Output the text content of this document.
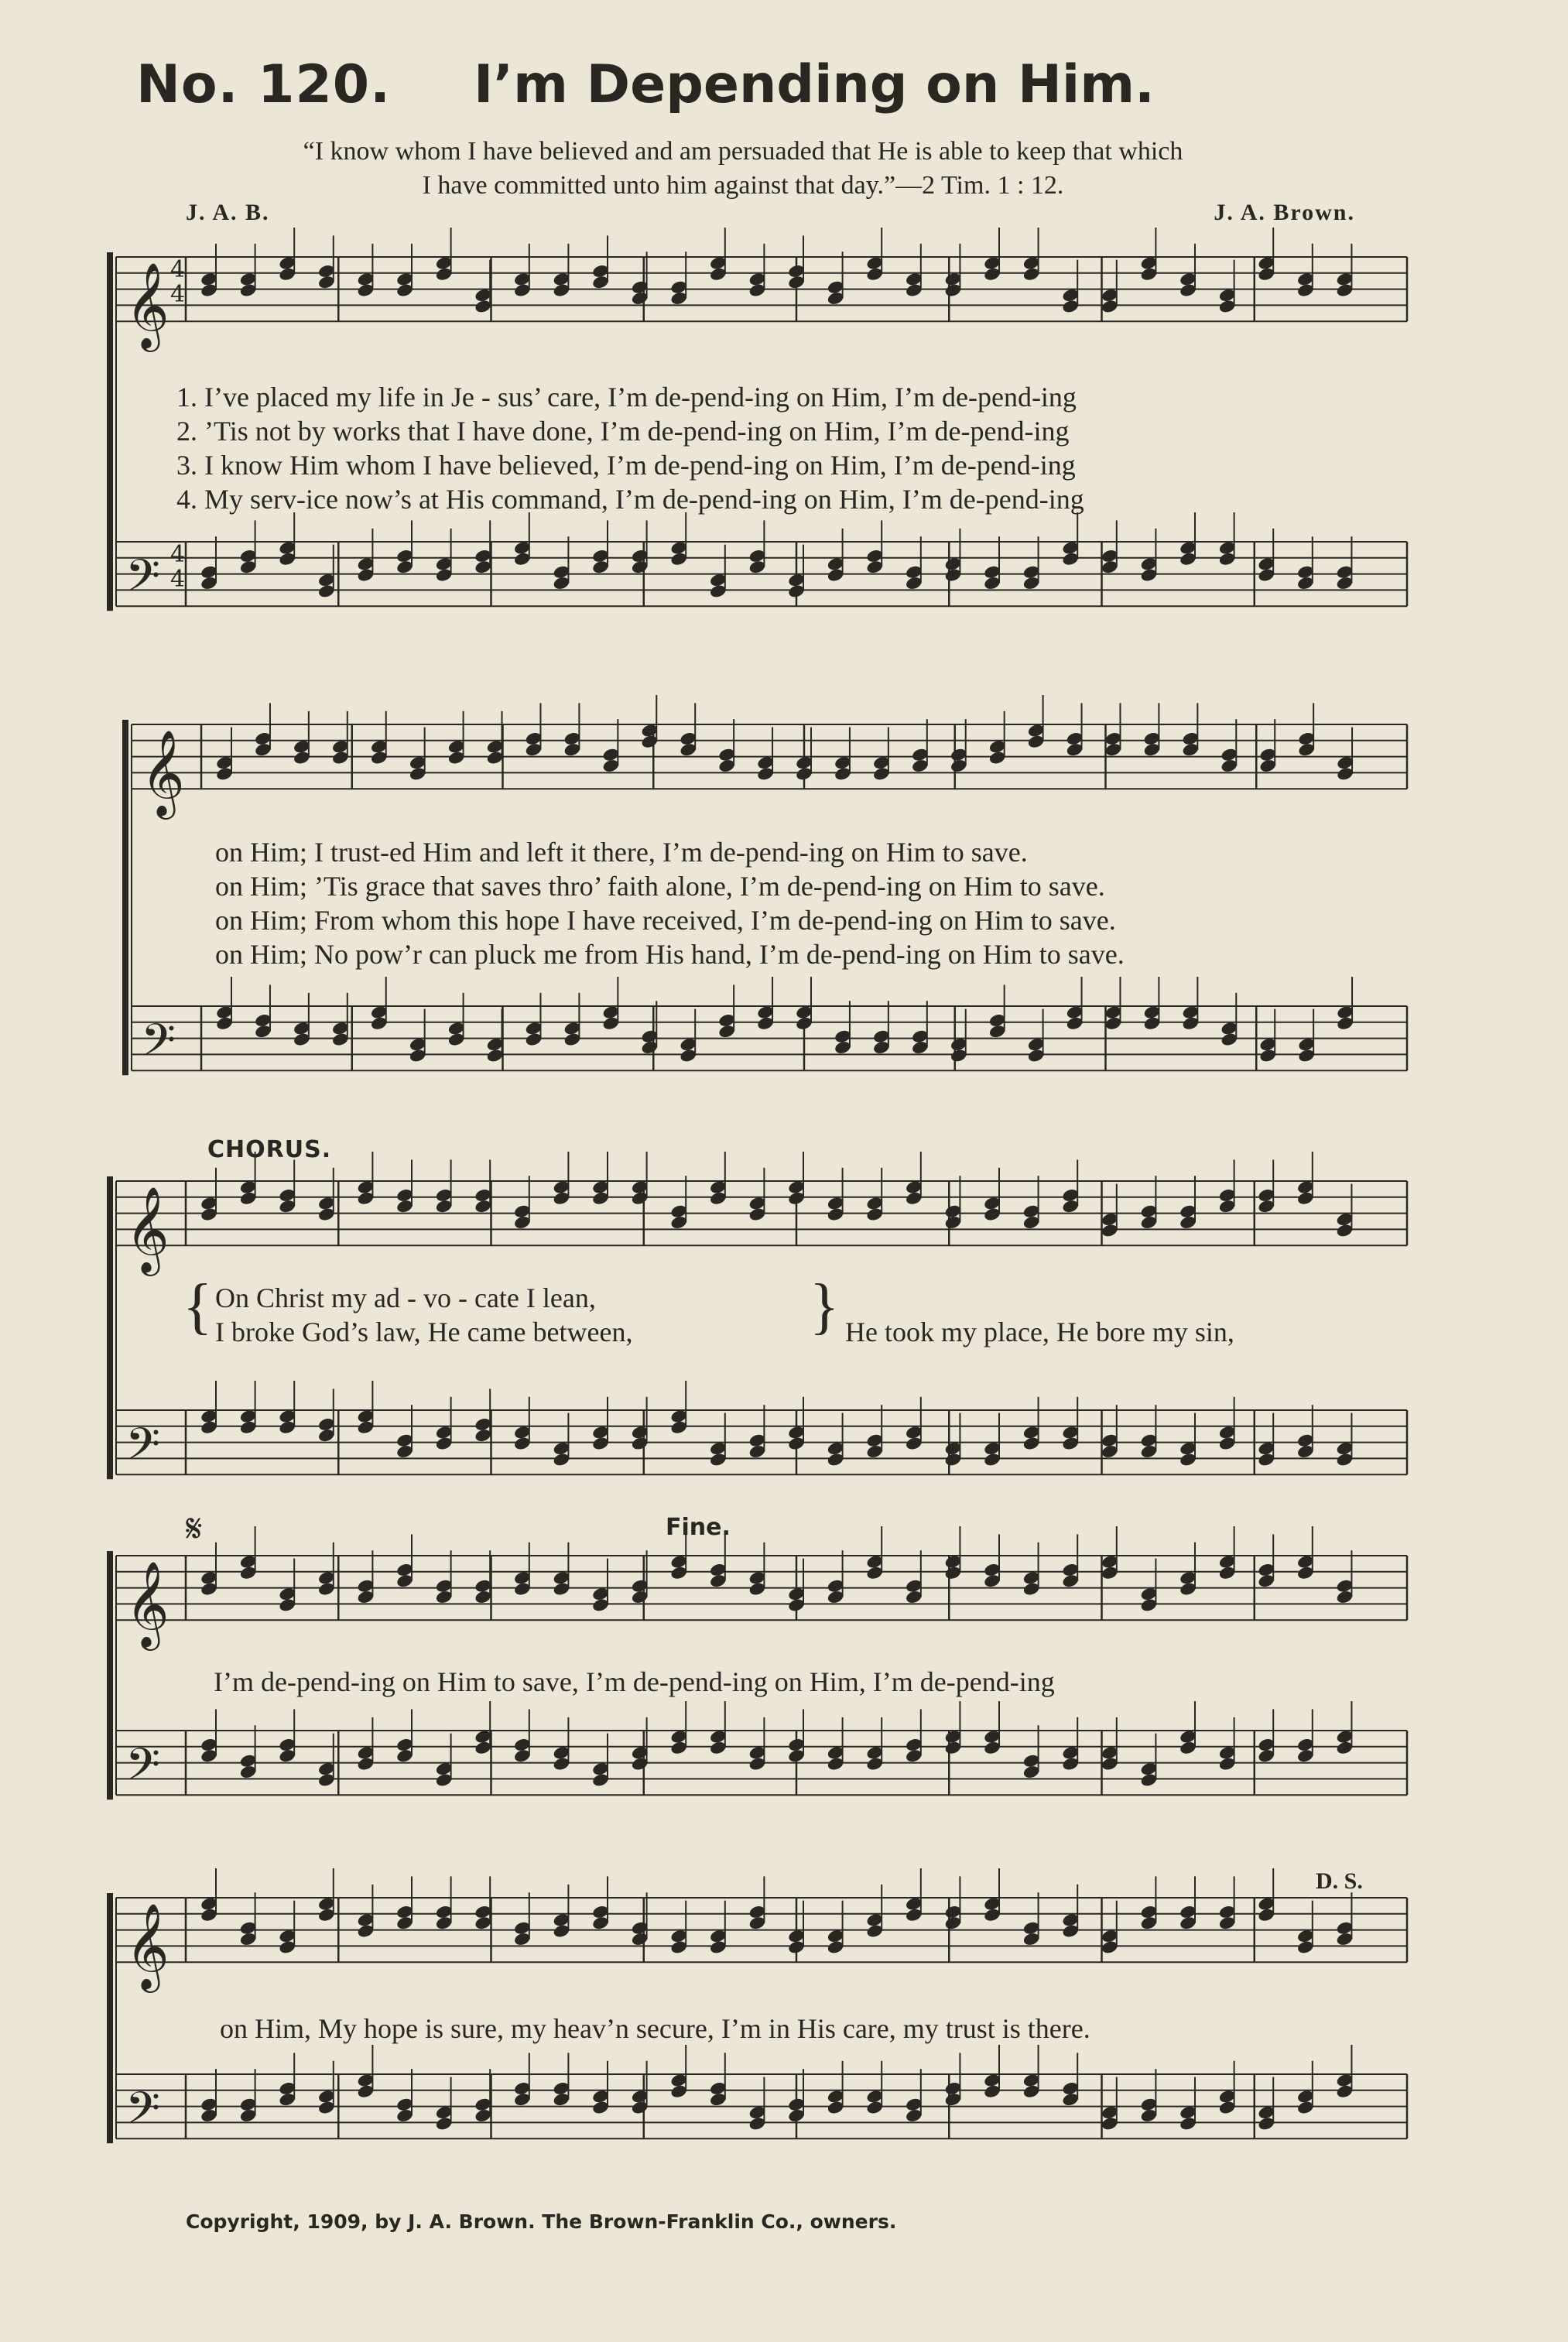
No. 120. I’m Depending on Him.
“I know whom I have believed and am persuaded that He is able to keep that which
I have committed unto him against that day.”—2 Tim. 1 : 12.
J. A. B.	J. A. Brown.
𝄞 4
4
𝄢 4
4
𝄞
𝄢
𝄞
𝄢
𝄞
𝄢
𝄞
𝄢
1. I’ve placed my life in Je - sus’ care, I’m de-pend-ing on Him, I’m de-pend-ing
2. ’Tis not by works that I have done, I’m de-pend-ing on Him, I’m de-pend-ing
3. I know Him whom I have believed, I’m de-pend-ing on Him, I’m de-pend-ing
4. My serv-ice now’s at His command, I’m de-pend-ing on Him, I’m de-pend-ing
on Him; I trust-ed Him and left it there, I’m de-pend-ing on Him to save.
on Him; ’Tis grace that saves thro’ faith alone, I’m de-pend-ing on Him to save.
on Him; From whom this hope I have received, I’m de-pend-ing on Him to save.
on Him; No pow’r can pluck me from His hand, I’m de-pend-ing on Him to save.
CHORUS.
{ On Christ my ad - vo - cate I lean,
I broke God’s law, He came between,	} He took my place, He bore my sin,
𝄋	Fine.
I’m de-pend-ing on Him to save, I’m de-pend-ing on Him, I’m de-pend-ing
D. S.
on Him, My hope is sure, my heav’n secure, I’m in His care, my trust is there.
Copyright, 1909, by J. A. Brown. The Brown-Franklin Co., owners.
